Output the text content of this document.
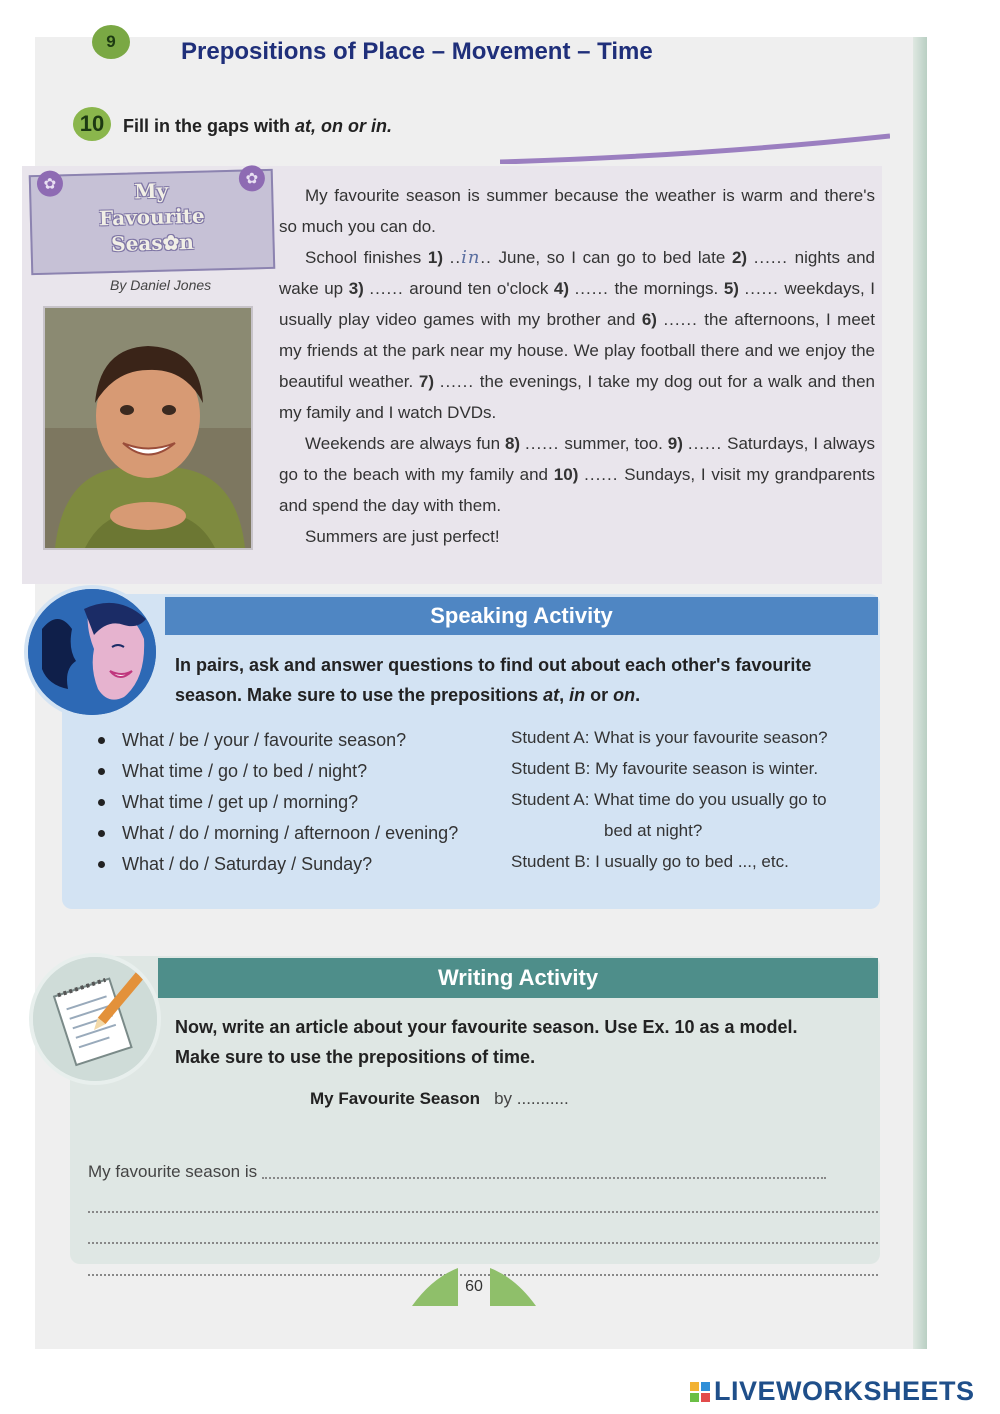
9	Prepositions of Place – Movement – Time
10	Fill in the gaps with at, on or in.
✿	✿
My
Favourite
Seas✿n
By Daniel Jones

My favourite season is summer because the weather is warm and there's so much you can do.

School finishes 1) ..in.. June, so I can go to bed late 2) ...... nights and wake up 3) ...... around ten o'clock 4) ...... the mornings. 5) ...... weekdays, I usually play video games with my brother and 6) ...... the afternoons, I meet my friends at the park near my house. We play football there and we enjoy the beautiful weather. 7) ...... the evenings, I take my dog out for a walk and then my family and I watch DVDs.

Weekends are always fun 8) ...... summer, too. 9) ...... Saturdays, I always go to the beach with my family and 10) ...... Sundays, I visit my grandparents and spend the day with them.

Summers are just perfect!

Speaking Activity
In pairs, ask and answer questions to find out about each other's favourite season. Make sure to use the prepositions at, in or on.
What / be / your / favourite season?
What time / go / to bed / night?
What time / get up / morning?
What / do / morning / afternoon / evening?
What / do / Saturday / Sunday?
Student A: What is your favourite season?
Student B: My favourite season is winter.
Student A: What time do you usually go to
bed at night?
Student B: I usually go to bed ..., etc.
Writing Activity
Now, write an article about your favourite season. Use Ex. 10 as a model. Make sure to use the prepositions of time.
My Favourite Season by ...........
My favourite season is
60
LIVEWORKSHEETS
